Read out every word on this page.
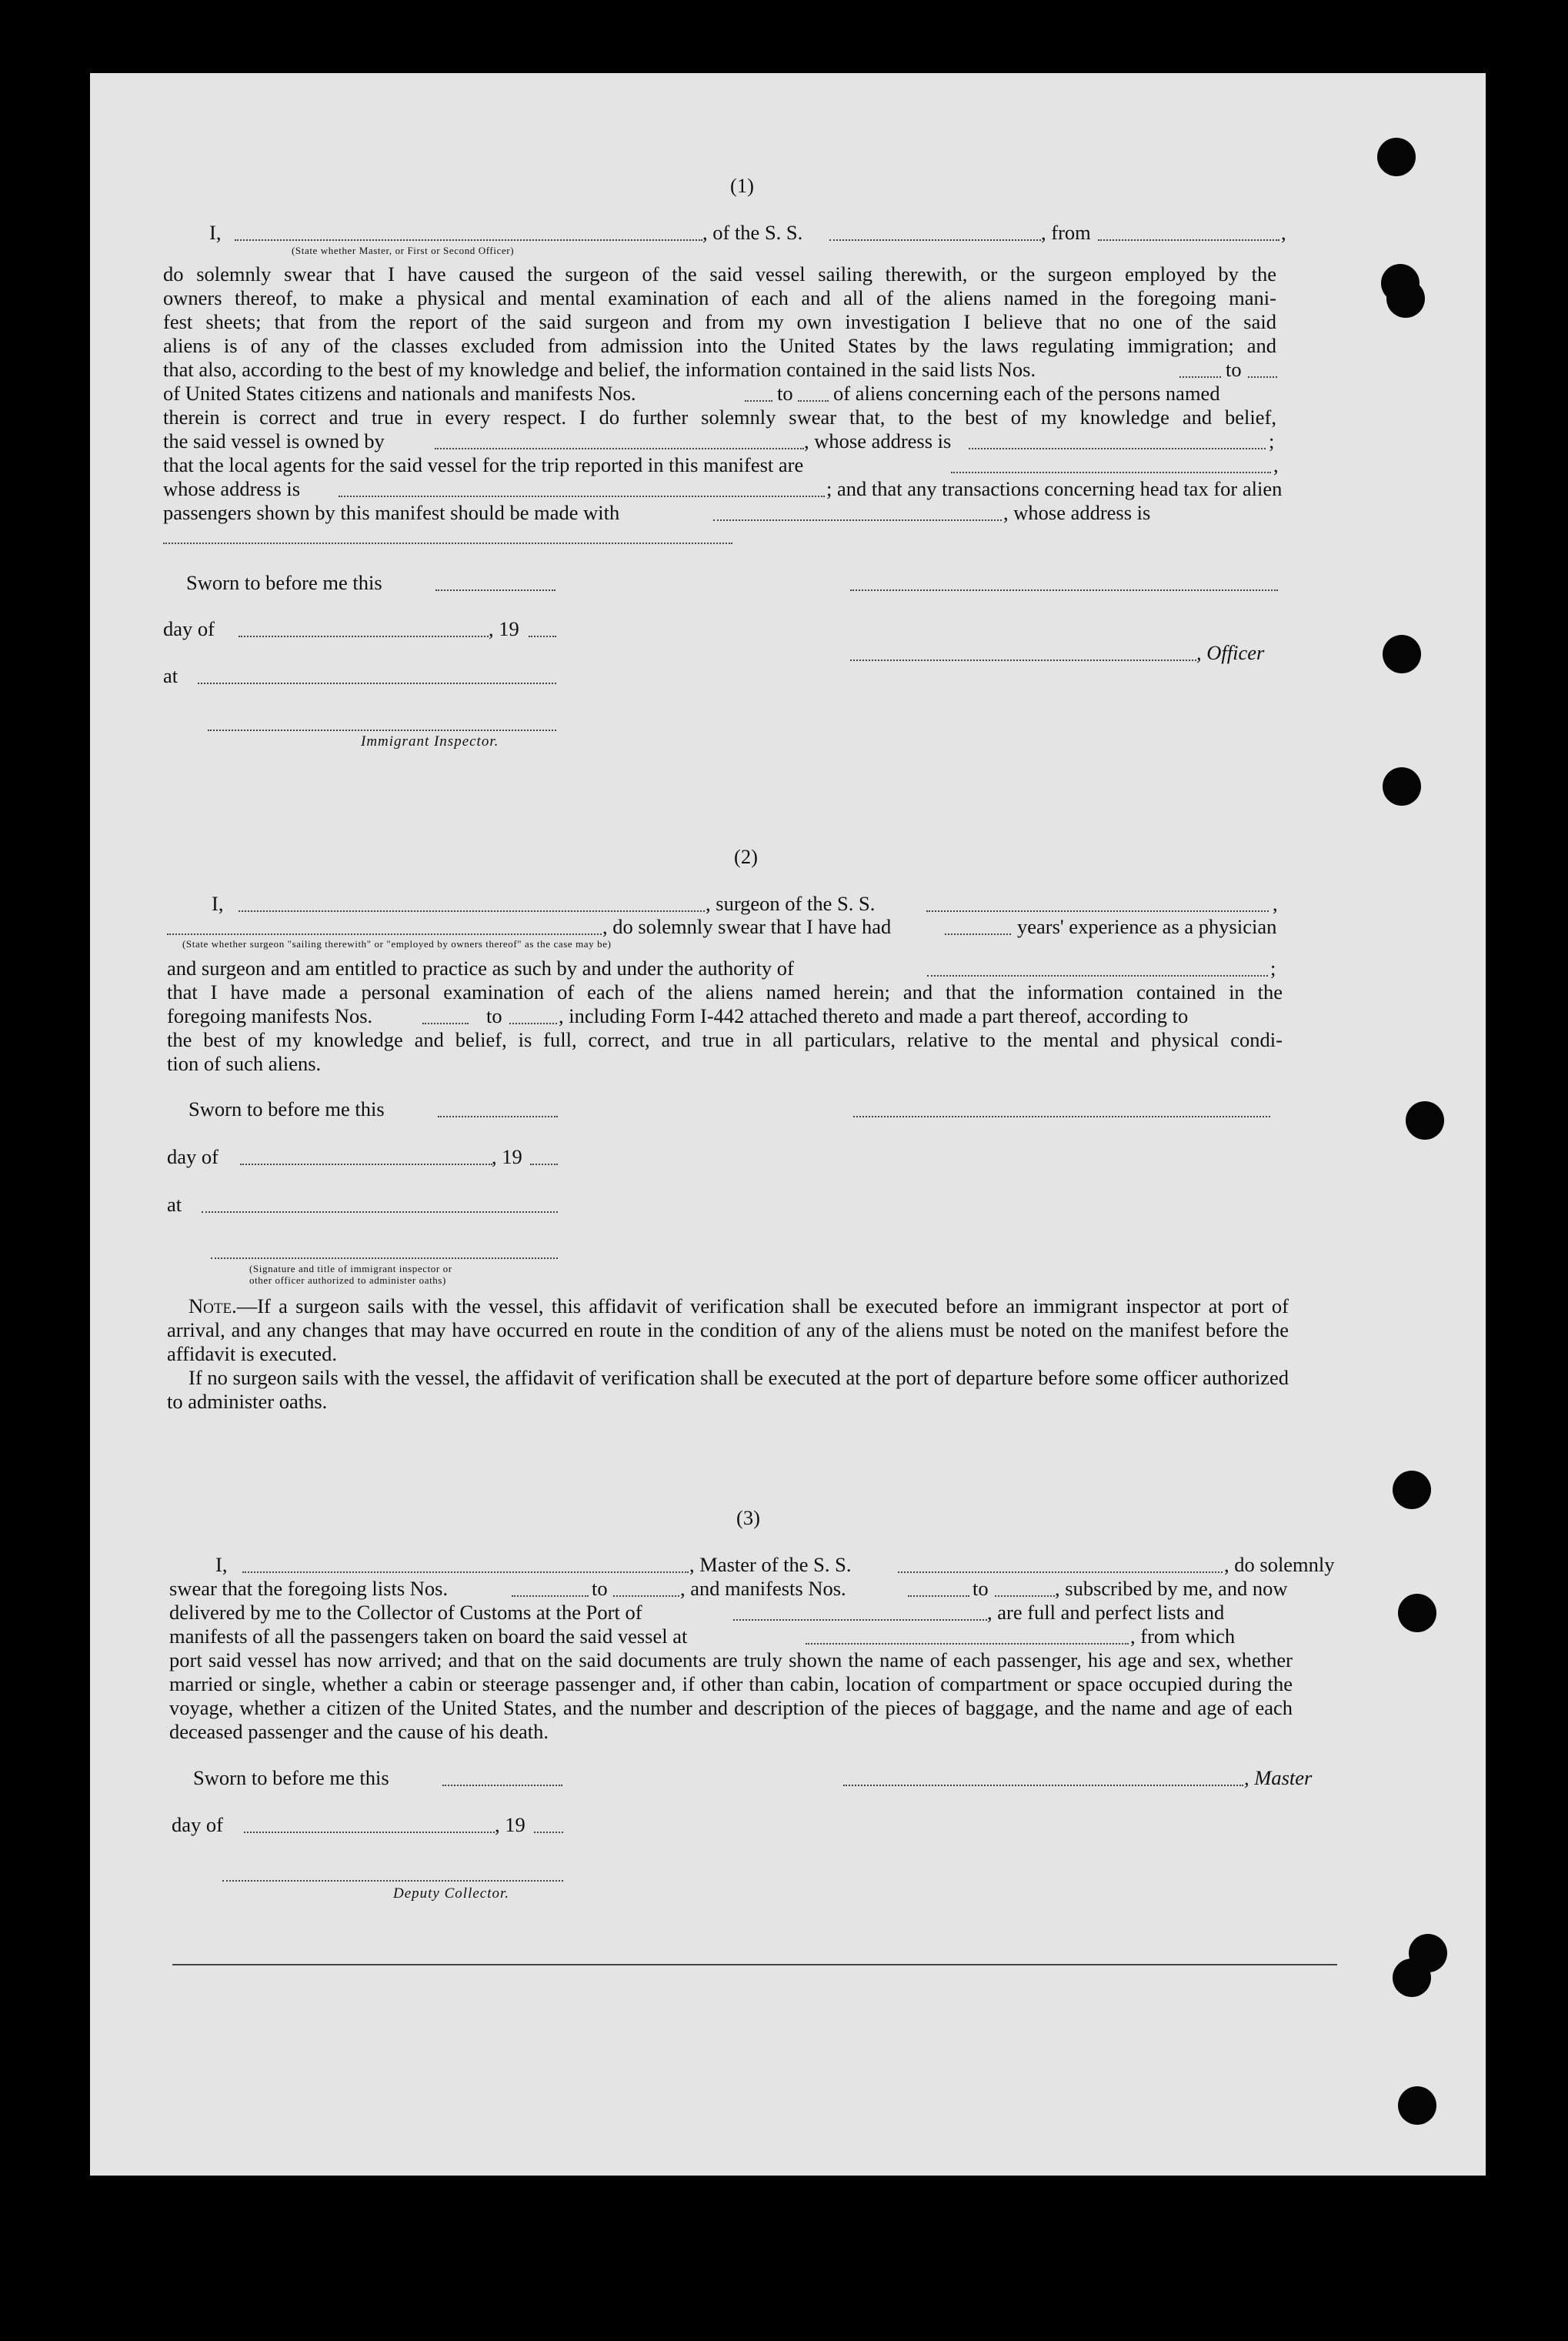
(1)
I,
(State whether Master, or First or Second Officer)
, of the S. S.	, from	,
do solemnly swear that I have caused the surgeon of the said vessel sailing therewith, or the surgeon employed by the
owners thereof, to make a physical and mental examination of each and all of the aliens named in the foregoing mani-
fest sheets; that from the report of the said surgeon and from my own investigation I believe that no one of the said
aliens is of any of the classes excluded from admission into the United States by the laws regulating immigration; and
that also, according to the best of my knowledge and belief, the information contained in the said lists Nos.	to
of United States citizens and nationals and manifests Nos.	to of aliens concerning each of the persons named
therein is correct and true in every respect. I do further solemnly swear that, to the best of my knowledge and belief,
the said vessel is owned by	, whose address is	;
that the local agents for the said vessel for the trip reported in this manifest are	,
whose address is	; and that any transactions concerning head tax for alien
passengers shown by this manifest should be made with	, whose address is
Sworn to before me this
day of	, 19
, Officer
at
Immigrant Inspector.
(2)
I,	, surgeon of the S. S.	,
, do solemnly swear that I have had	years' experience as a physician
(State whether surgeon "sailing therewith" or "employed by owners thereof" as the case may be)
and surgeon and am entitled to practice as such by and under the authority of	;
that I have made a personal examination of each of the aliens named herein; and that the information contained in the
foregoing manifests Nos.	to	, including Form I-442 attached thereto and made a part thereof, according to
the best of my knowledge and belief, is full, correct, and true in all particulars, relative to the mental and physical condi-
tion of such aliens.
Sworn to before me this
day of	, 19
at
(Signature and title of immigrant inspector or
other officer authorized to administer oaths)
Note.—If a surgeon sails with the vessel, this affidavit of verification shall be executed before an immigrant inspector at port of arrival, and any changes that may have occurred en route in the condition of any of the aliens must be noted on the manifest before the affidavit is executed.
If no surgeon sails with the vessel, the affidavit of verification shall be executed at the port of departure before some officer authorized to administer oaths.
(3)
I,	, Master of the S. S.	, do solemnly
swear that the foregoing lists Nos.	to	, and manifests Nos.	to	, subscribed by me, and now
delivered by me to the Collector of Customs at the Port of	, are full and perfect lists and
manifests of all the passengers taken on board the said vessel at	, from which
port said vessel has now arrived; and that on the said documents are truly shown the name of each passenger, his age and sex, whether married or single, whether a cabin or steerage passenger and, if other than cabin, location of compartment or space occupied during the voyage, whether a citizen of the United States, and the number and description of the pieces of baggage, and the name and age of each deceased passenger and the cause of his death.
Sworn to before me this	, Master
day of	, 19
Deputy Collector.
